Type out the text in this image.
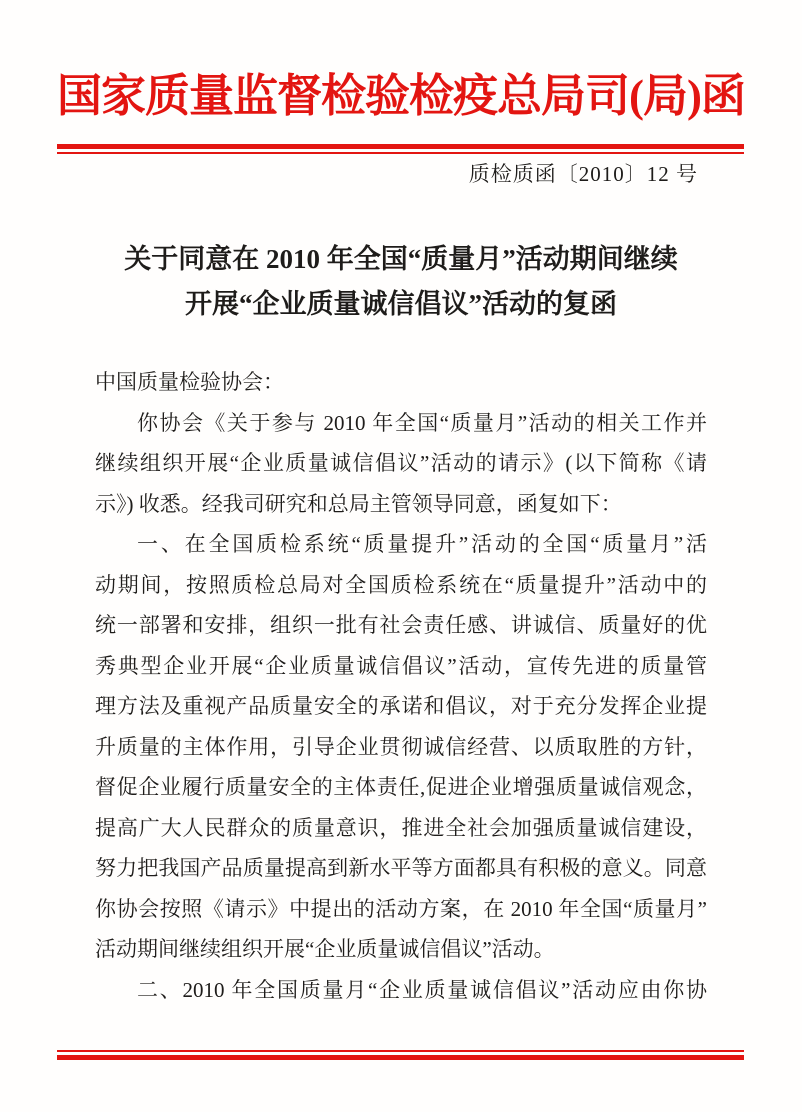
国家质量监督检验检疫总局司(局)函
质检质函〔2010〕12 号
关于同意在 2010 年全国“质量月”活动期间继续
开展“企业质量诚信倡议”活动的复函
中国质量检验协会：
你协会《关于参与 2010 年全国“质量月”活动的相关工作并
继续组织开展“企业质量诚信倡议”活动的请示》(以下简称《请
示》) 收悉。经我司研究和总局主管领导同意，函复如下：
一、在全国质检系统“质量提升”活动的全国“质量月”活
动期间，按照质检总局对全国质检系统在“质量提升”活动中的
统一部署和安排，组织一批有社会责任感、讲诚信、质量好的优
秀典型企业开展“企业质量诚信倡议”活动，宣传先进的质量管
理方法及重视产品质量安全的承诺和倡议，对于充分发挥企业提
升质量的主体作用，引导企业贯彻诚信经营、以质取胜的方针，
督促企业履行质量安全的主体责任,促进企业增强质量诚信观念，
提高广大人民群众的质量意识，推进全社会加强质量诚信建设，
努力把我国产品质量提高到新水平等方面都具有积极的意义。同意
你协会按照《请示》中提出的活动方案，在 2010 年全国“质量月”
活动期间继续组织开展“企业质量诚信倡议”活动。
二、2010 年全国质量月“企业质量诚信倡议”活动应由你协
